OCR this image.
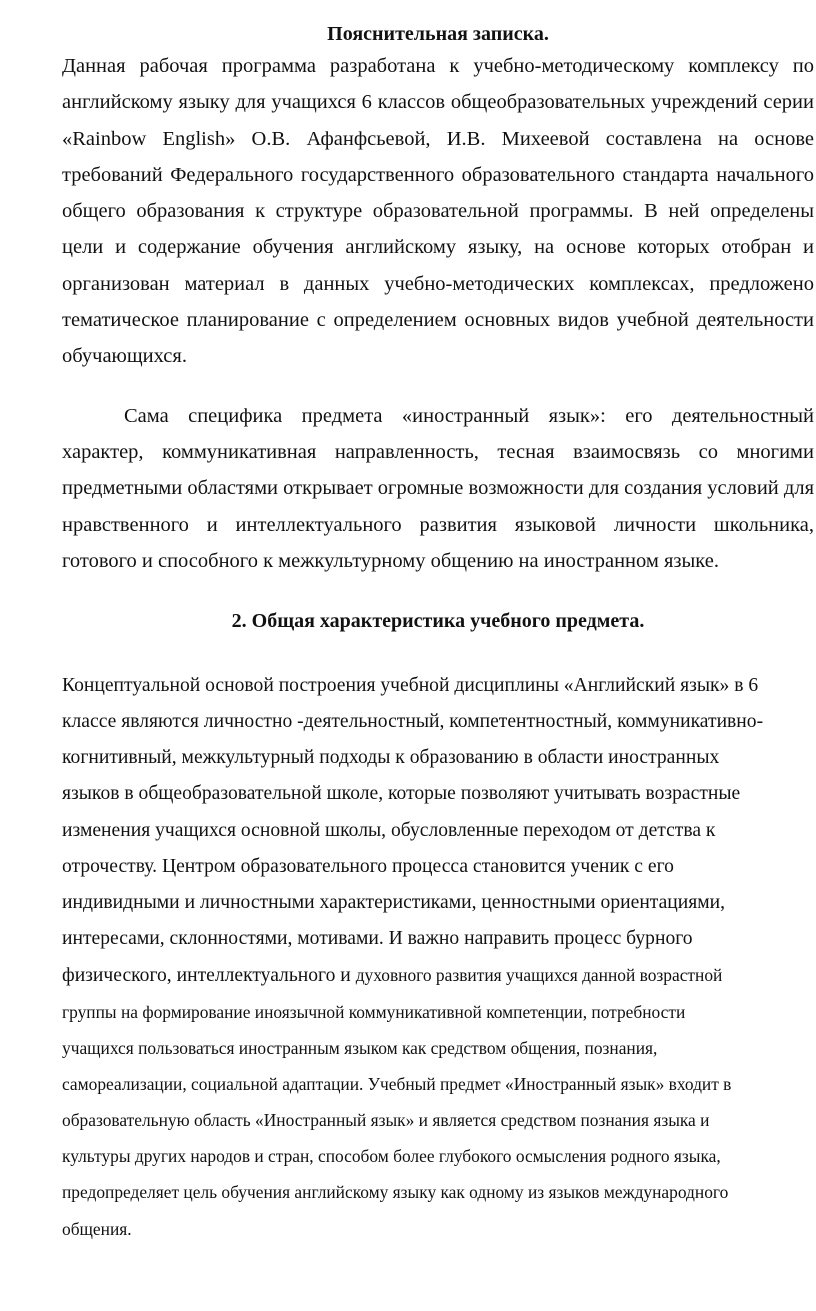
Пояснительная записка.

Данная рабочая программа разработана к учебно-методическому комплексу по английскому языку для учащихся 6 классов общеобразовательных учреждений серии «Rainbow English» О.В. Афанфсьевой, И.В. Михеевой составлена на основе требований Федерального государственного образовательного стандарта начального общего образования к структуре образовательной программы. В ней определены цели и содержание обучения английскому языку, на основе которых отобран и организован материал в данных учебно-методических комплексах, предложено тематическое планирование с определением основных видов учебной деятельности обучающихся.

Сама специфика предмета «иностранный язык»: его деятельностный характер, коммуникативная направленность, тесная взаимосвязь со многими предметными областями открывает огромные возможности для создания условий для нравственного и интеллектуального развития языковой личности школьника, готового и способного к межкультурному общению на иностранном языке.

2. Общая характеристика учебного предмета.
Концептуальной основой построения учебной дисциплины «Английский язык» в 6
классе являются личностно -деятельностный, компетентностный, коммуникативно-
когнитивный, межкультурный подходы к образованию в области иностранных
языков в общеобразовательной школе, которые позволяют учитывать возрастные
изменения учащихся основной школы, обусловленные переходом от детства к
отрочеству. Центром образовательного процесса становится ученик с его
индивидными и личностными характеристиками, ценностными ориентациями,
интересами, склонностями, мотивами. И важно направить процесс бурного
физического, интеллектуального и духовного развития учащихся данной возрастной
группы на формирование иноязычной коммуникативной компетенции, потребности
учащихся пользоваться иностранным языком как средством общения, познания,
самореализации, социальной адаптации. Учебный предмет «Иностранный язык» входит в
образовательную область «Иностранный язык» и является средством познания языка и
культуры других народов и стран, способом более глубокого осмысления родного языка,
предопределяет цель обучения английскому языку как одному из языков международного
общения.
